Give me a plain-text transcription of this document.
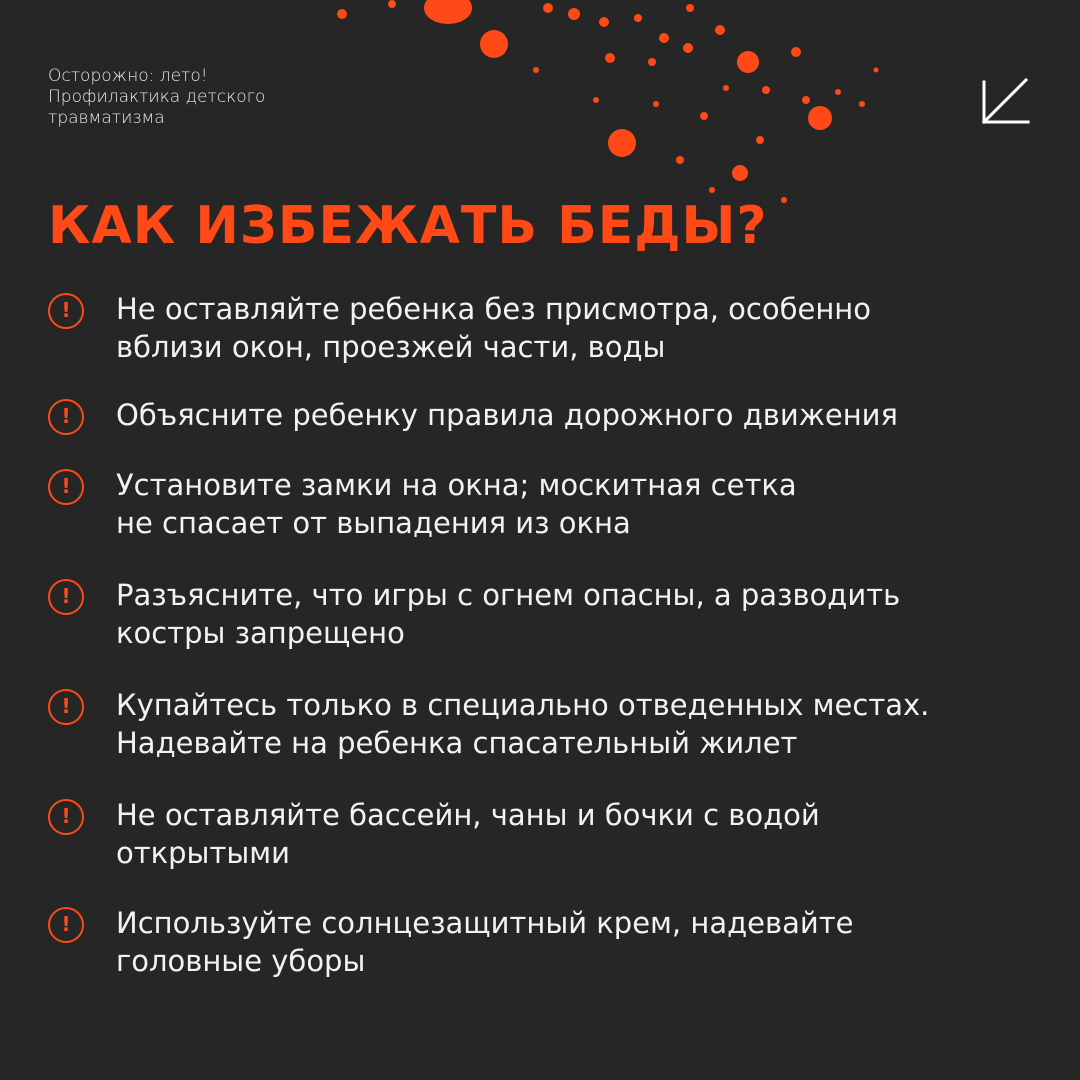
Осторожно: лето!
Профилактика детского
травматизма
КАК ИЗБЕЖАТЬ БЕДЫ?
!	Не оставляйте ребенка без присмотра, особенно
вблизи окон, проезжей части, воды
!	Объясните ребенку правила дорожного движения
!	Установите замки на окна; москитная сетка
не спасает от выпадения из окна
!	Разъясните, что игры с огнем опасны, а разводить
костры запрещено
!	Купайтесь только в специально отведенных местах.
Надевайте на ребенка спасательный жилет
!	Не оставляйте бассейн, чаны и бочки с водой
открытыми
!	Используйте солнцезащитный крем, надевайте
головные уборы
